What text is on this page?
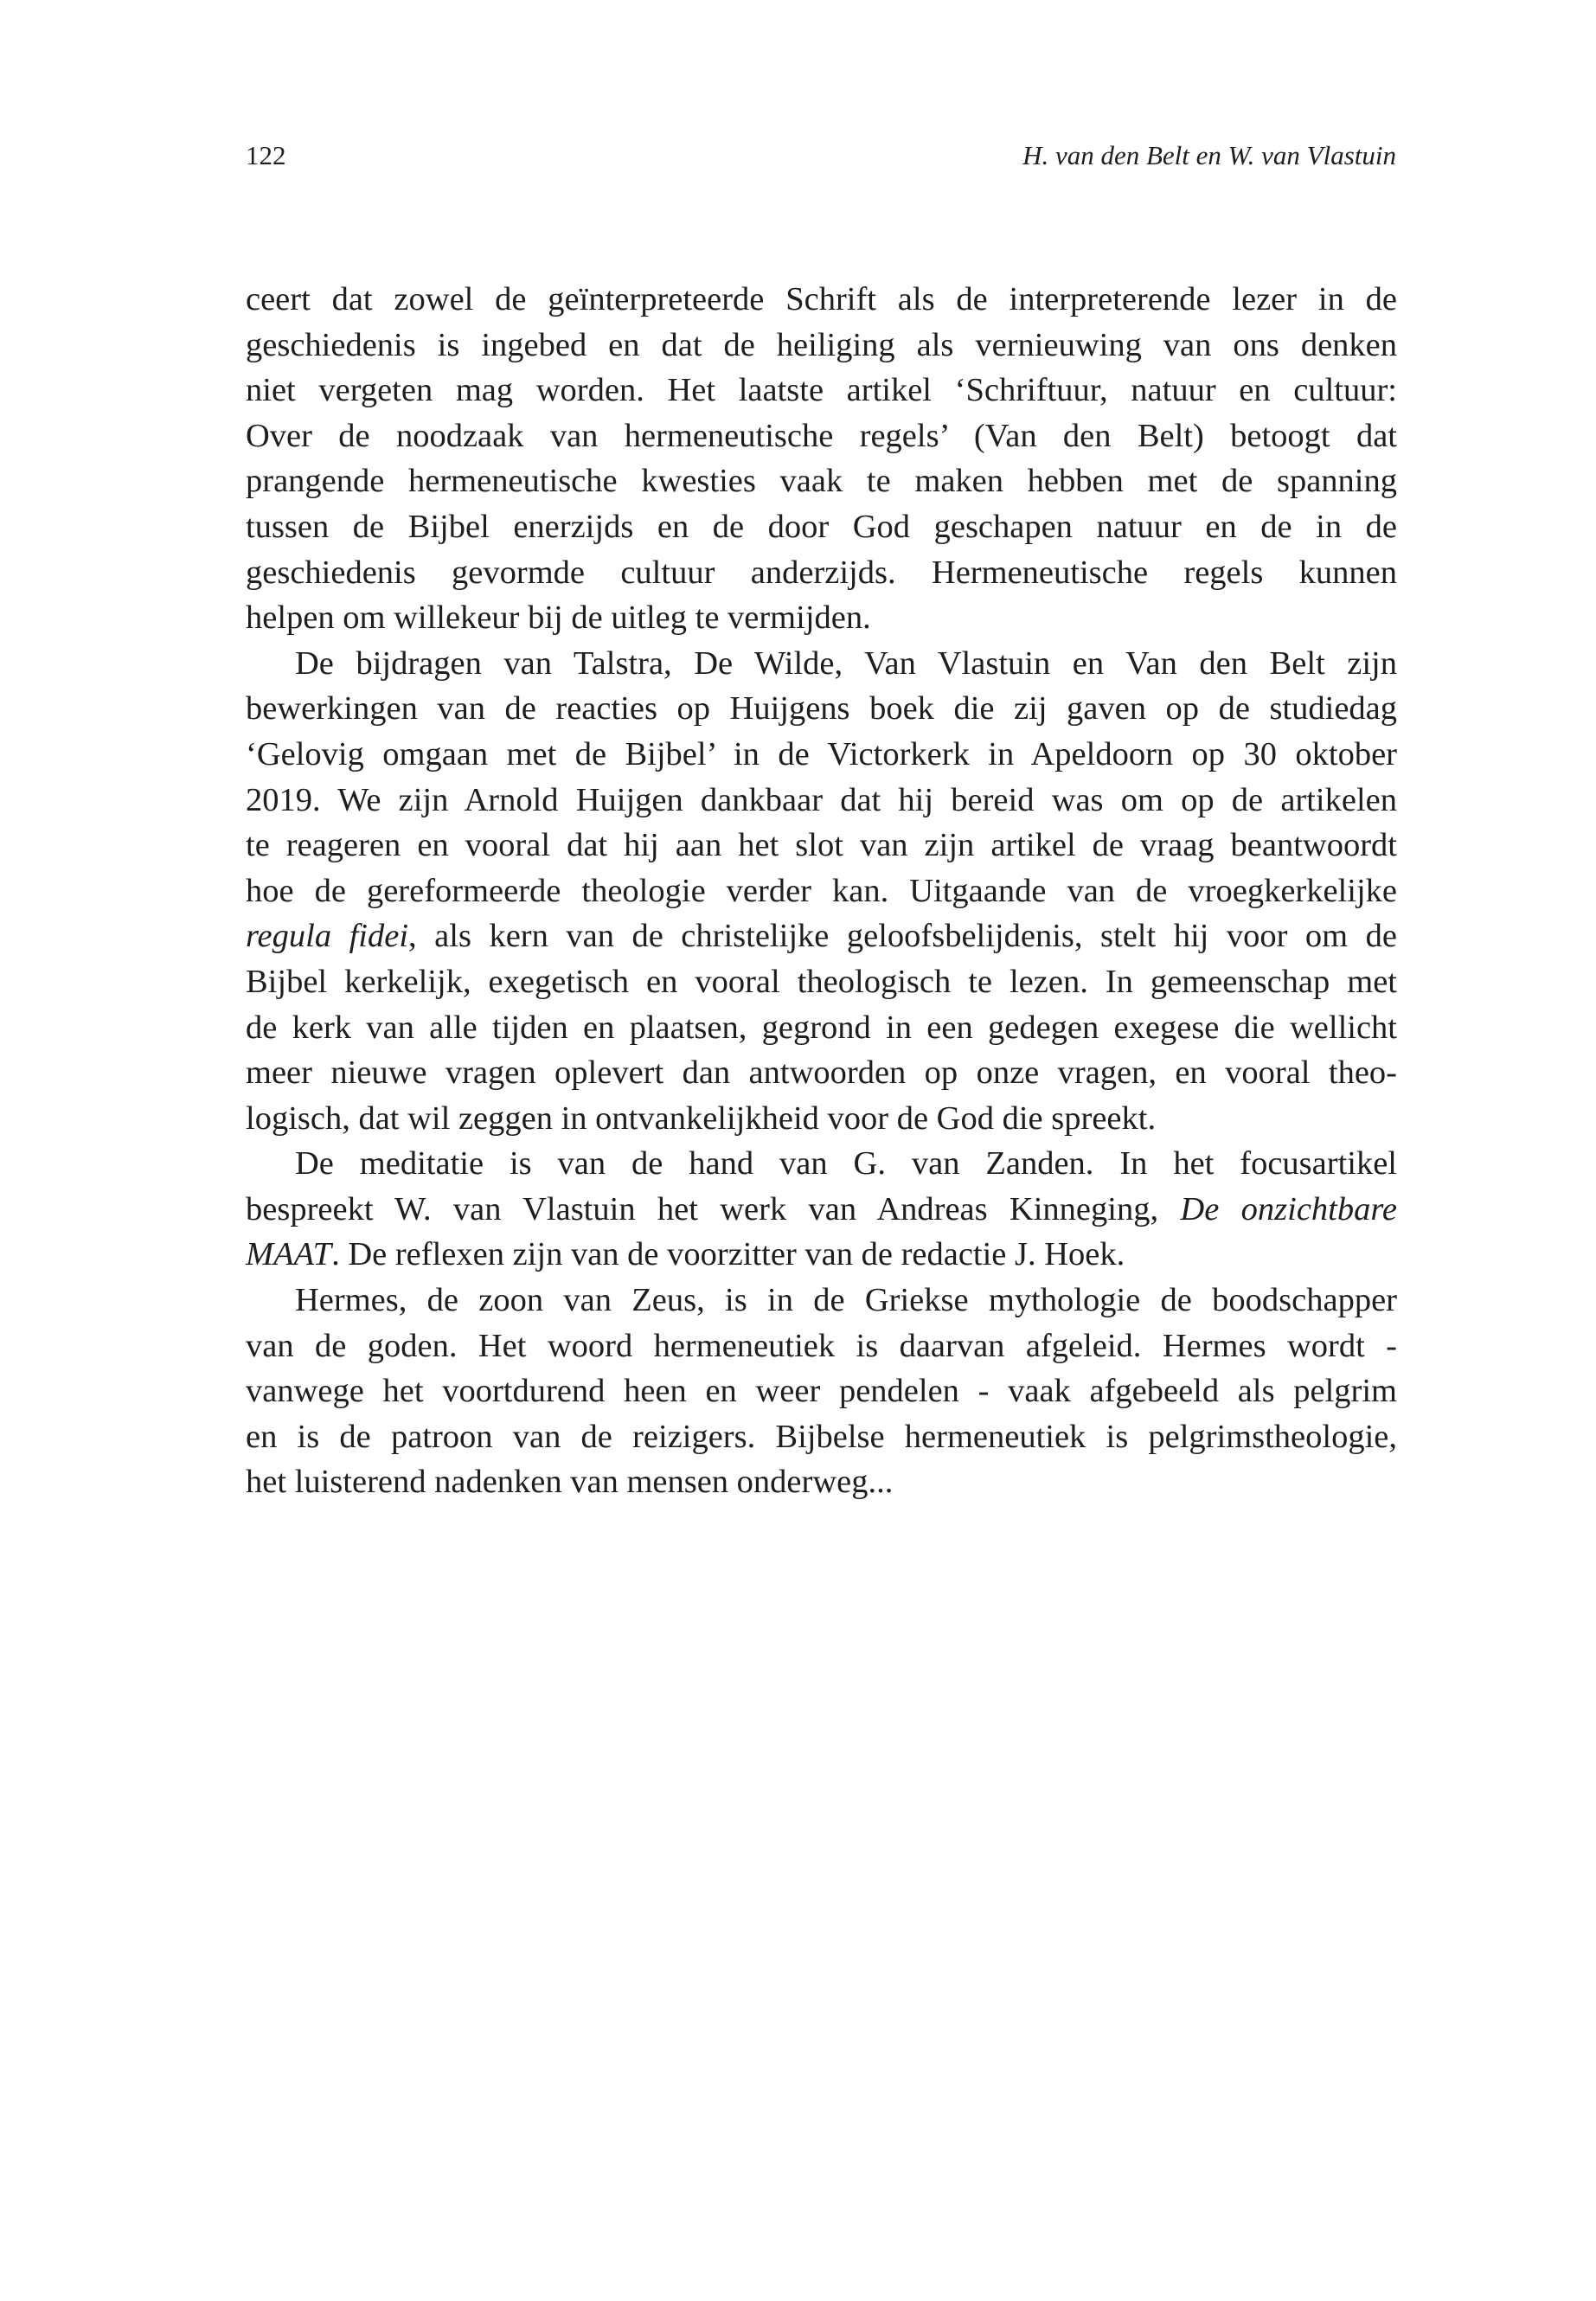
122	H. van den Belt en W. van Vlastuin

ceert dat zowel de geïnterpreteerde Schrift als de interpreterende lezer in de
geschiedenis is ingebed en dat de heiliging als vernieuwing van ons denken
niet vergeten mag worden. Het laatste artikel ‘Schriftuur, natuur en cultuur:
Over de noodzaak van hermeneutische regels’ (Van den Belt) betoogt dat
prangende hermeneutische kwesties vaak te maken hebben met de spanning
tussen de Bijbel enerzijds en de door God geschapen natuur en de in de
geschiedenis gevormde cultuur anderzijds. Hermeneutische regels kunnen
helpen om willekeur bij de uitleg te vermijden.

De bijdragen van Talstra, De Wilde, Van Vlastuin en Van den Belt zijn
bewerkingen van de reacties op Huijgens boek die zij gaven op de studiedag
‘Gelovig omgaan met de Bijbel’ in de Victorkerk in Apeldoorn op 30 oktober
2019. We zijn Arnold Huijgen dankbaar dat hij bereid was om op de artikelen
te reageren en vooral dat hij aan het slot van zijn artikel de vraag beantwoordt
hoe de gereformeerde theologie verder kan. Uitgaande van de vroegkerkelijke
regula fidei, als kern van de christelijke geloofsbelijdenis, stelt hij voor om de
Bijbel kerkelijk, exegetisch en vooral theologisch te lezen. In gemeenschap met
de kerk van alle tijden en plaatsen, gegrond in een gedegen exegese die wellicht
meer nieuwe vragen oplevert dan antwoorden op onze vragen, en vooral theo-
logisch, dat wil zeggen in ontvankelijkheid voor de God die spreekt.

De meditatie is van de hand van G. van Zanden. In het focusartikel
bespreekt W. van Vlastuin het werk van Andreas Kinneging, De onzichtbare
MAAT. De reflexen zijn van de voorzitter van de redactie J. Hoek.

Hermes, de zoon van Zeus, is in de Griekse mythologie de boodschapper
van de goden. Het woord hermeneutiek is daarvan afgeleid. Hermes wordt -
vanwege het voortdurend heen en weer pendelen - vaak afgebeeld als pelgrim
en is de patroon van de reizigers. Bijbelse hermeneutiek is pelgrimstheologie,
het luisterend nadenken van mensen onderweg...
